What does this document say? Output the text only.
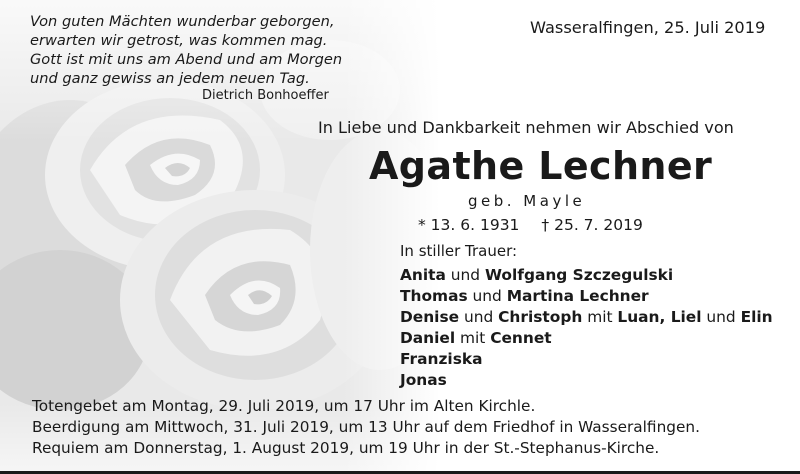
Von guten Mächten wunderbar geborgen,
erwarten wir getrost, was kommen mag.
Gott ist mit uns am Abend und am Morgen
und ganz gewiss an jedem neuen Tag.
Dietrich Bonhoeffer
Wasseralfingen, 25. Juli 2019
In Liebe und Dankbarkeit nehmen wir Abschied von
Agathe Lechner
geb. Mayle
* 13. 6. 1931 † 25. 7. 2019
In stiller Trauer:
Anita und Wolfgang Szczegulski
Thomas und Martina Lechner
Denise und Christoph mit Luan, Liel und Elin
Daniel mit Cennet
Franziska
Jonas
Totengebet am Montag, 29. Juli 2019, um 17 Uhr im Alten Kirchle.
Beerdigung am Mittwoch, 31. Juli 2019, um 13 Uhr auf dem Friedhof in Wasseralfingen.
Requiem am Donnerstag, 1. August 2019, um 19 Uhr in der St.-Stephanus-Kirche.
